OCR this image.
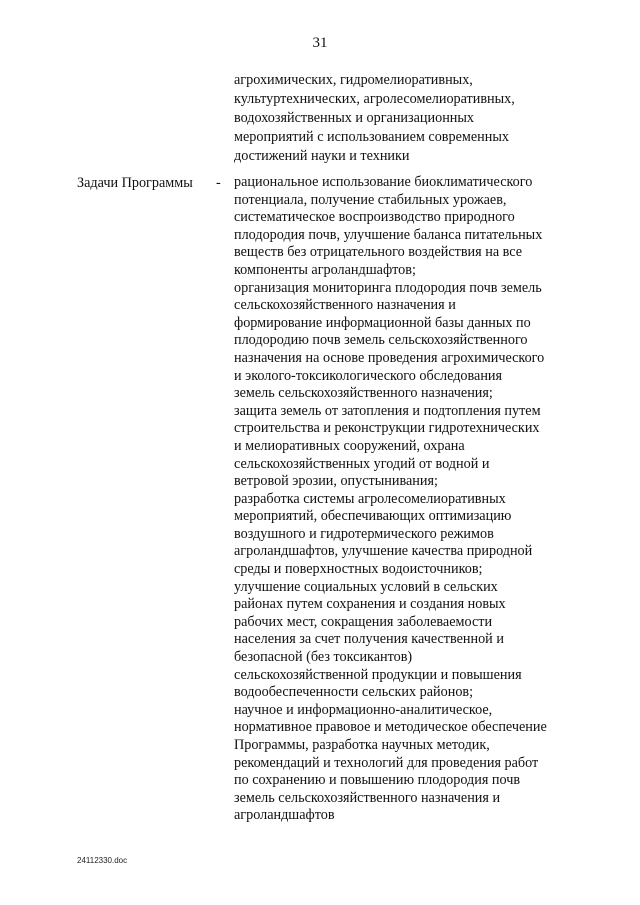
31
агрохимических, гидромелиоративных,
культуртехнических, агролесомелиоративных,
водохозяйственных и организационных
мероприятий с использованием современных
достижений науки и техники
Задачи Программы - рациональное использование биоклиматического
потенциала, получение стабильных урожаев,
систематическое воспроизводство природного
плодородия почв, улучшение баланса питательных
веществ без отрицательного воздействия на все
компоненты агроландшафтов;
организация мониторинга плодородия почв земель
сельскохозяйственного назначения и
формирование информационной базы данных по
плодородию почв земель сельскохозяйственного
назначения на основе проведения агрохимического
и эколого-токсикологического обследования
земель сельскохозяйственного назначения;
защита земель от затопления и подтопления путем
строительства и реконструкции гидротехнических
и мелиоративных сооружений, охрана
сельскохозяйственных угодий от водной и
ветровой эрозии, опустынивания;
разработка системы агролесомелиоративных
мероприятий, обеспечивающих оптимизацию
воздушного и гидротермического режимов
агроландшафтов, улучшение качества природной
среды и поверхностных водоисточников;
улучшение социальных условий в сельских
районах путем сохранения и создания новых
рабочих мест, сокращения заболеваемости
населения за счет получения качественной и
безопасной (без токсикантов)
сельскохозяйственной продукции и повышения
водообеспеченности сельских районов;
научное и информационно-аналитическое,
нормативное правовое и методическое обеспечение
Программы, разработка научных методик,
рекомендаций и технологий для проведения работ
по сохранению и повышению плодородия почв
земель сельскохозяйственного назначения и
агроландшафтов
24112330.doc
